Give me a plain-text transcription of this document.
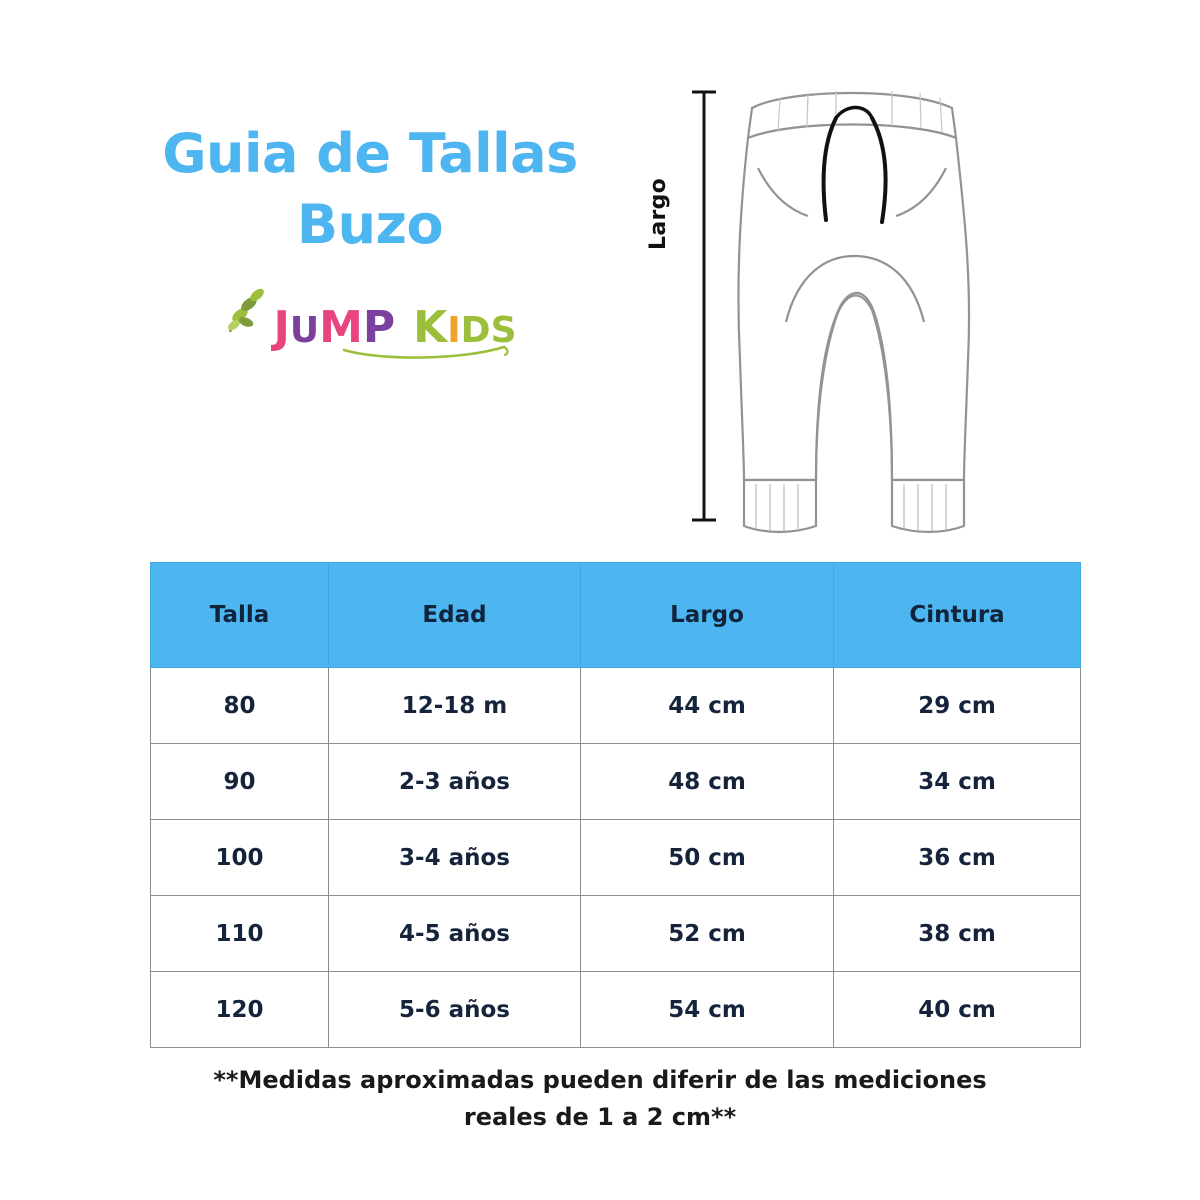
Guia de Tallas
Buzo
J U M P K I D S
Largo
Talla	Edad	Largo	Cintura
80	12-18 m	44 cm	29 cm
90	2-3 años	48 cm	34 cm
100	3-4 años	50 cm	36 cm
110	4-5 años	52 cm	38 cm
120	5-6 años	54 cm	40 cm
**Medidas aproximadas pueden diferir de las mediciones
reales de 1 a 2 cm**
